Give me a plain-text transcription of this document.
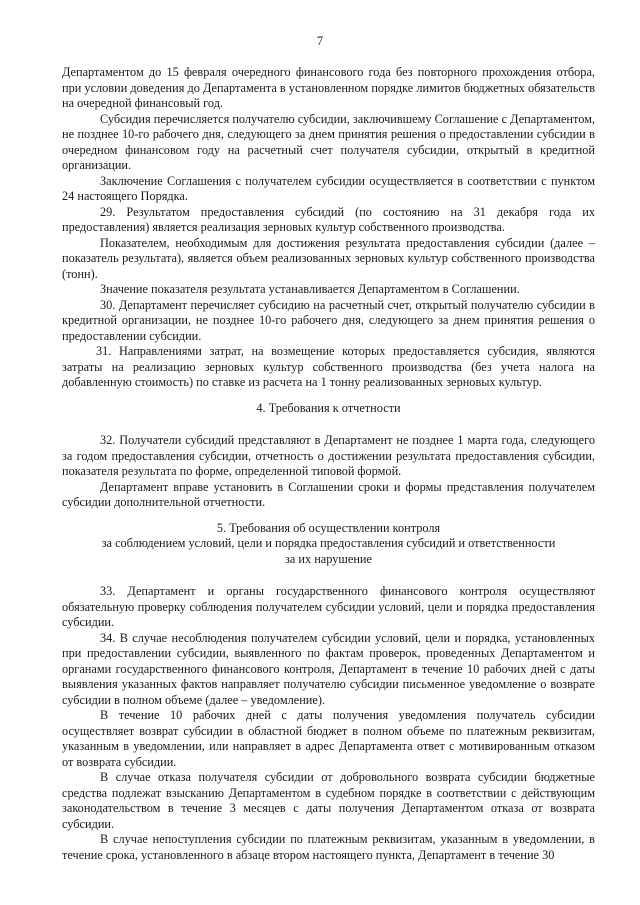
7

Департаментом до 15 февраля очередного финансового года без повторного прохождения отбора, при условии доведения до Департамента в установленном порядке лимитов бюджетных обязательств на очередной финансовый год.

Субсидия перечисляется получателю субсидии, заключившему Соглашение с Департаментом, не позднее 10-го рабочего дня, следующего за днем принятия решения о предоставлении субсидии в очередном финансовом году на расчетный счет получателя субсидии, открытый в кредитной организации.

Заключение Соглашения с получателем субсидии осуществляется в соответствии с пунктом 24 настоящего Порядка.

29. Результатом предоставления субсидий (по состоянию на 31 декабря года их предоставления) является реализация зерновых культур собственного производства.

Показателем, необходимым для достижения результата предоставления субсидии (далее – показатель результата), является объем реализованных зерновых культур собственного производства (тонн).

Значение показателя результата устанавливается Департаментом в Соглашении.

30. Департамент перечисляет субсидию на расчетный счет, открытый получателю субсидии в кредитной организации, не позднее 10-го рабочего дня, следующего за днем принятия решения о предоставлении субсидии.

31. Направлениями затрат, на возмещение которых предоставляется субсидия, являются затраты на реализацию зерновых культур собственного производства (без учета налога на добавленную стоимость) по ставке из расчета на 1 тонну реализованных зерновых культур.

4. Требования к отчетности

32. Получатели субсидий представляют в Департамент не позднее 1 марта года, следующего за годом предоставления субсидии, отчетность о достижении результата предоставления субсидии, показателя результата по форме, определенной типовой формой.

Департамент вправе установить в Соглашении сроки и формы представления получателем субсидии дополнительной отчетности.

5. Требования об осуществлении контроля
за соблюдением условий, цели и порядка предоставления субсидий и ответственности
за их нарушение

33. Департамент и органы государственного финансового контроля осуществляют обязательную проверку соблюдения получателем субсидии условий, цели и порядка предоставления субсидии.

34. В случае несоблюдения получателем субсидии условий, цели и порядка, установленных при предоставлении субсидии, выявленного по фактам проверок, проведенных Департаментом и органами государственного финансового контроля, Департамент в течение 10 рабочих дней с даты выявления указанных фактов направляет получателю субсидии письменное уведомление о возврате субсидии в полном объеме (далее – уведомление).

В течение 10 рабочих дней с даты получения уведомления получатель субсидии осуществляет возврат субсидии в областной бюджет в полном объеме по платежным реквизитам, указанным в уведомлении, или направляет в адрес Департамента ответ с мотивированным отказом от возврата субсидии.

В случае отказа получателя субсидии от добровольного возврата субсидии бюджетные средства подлежат взысканию Департаментом в судебном порядке в соответствии с действующим законодательством в течение 3 месяцев с даты получения Департаментом отказа от возврата субсидии.

В случае непоступления субсидии по платежным реквизитам, указанным в уведомлении, в течение срока, установленного в абзаце втором настоящего пункта, Департамент в течение 30
